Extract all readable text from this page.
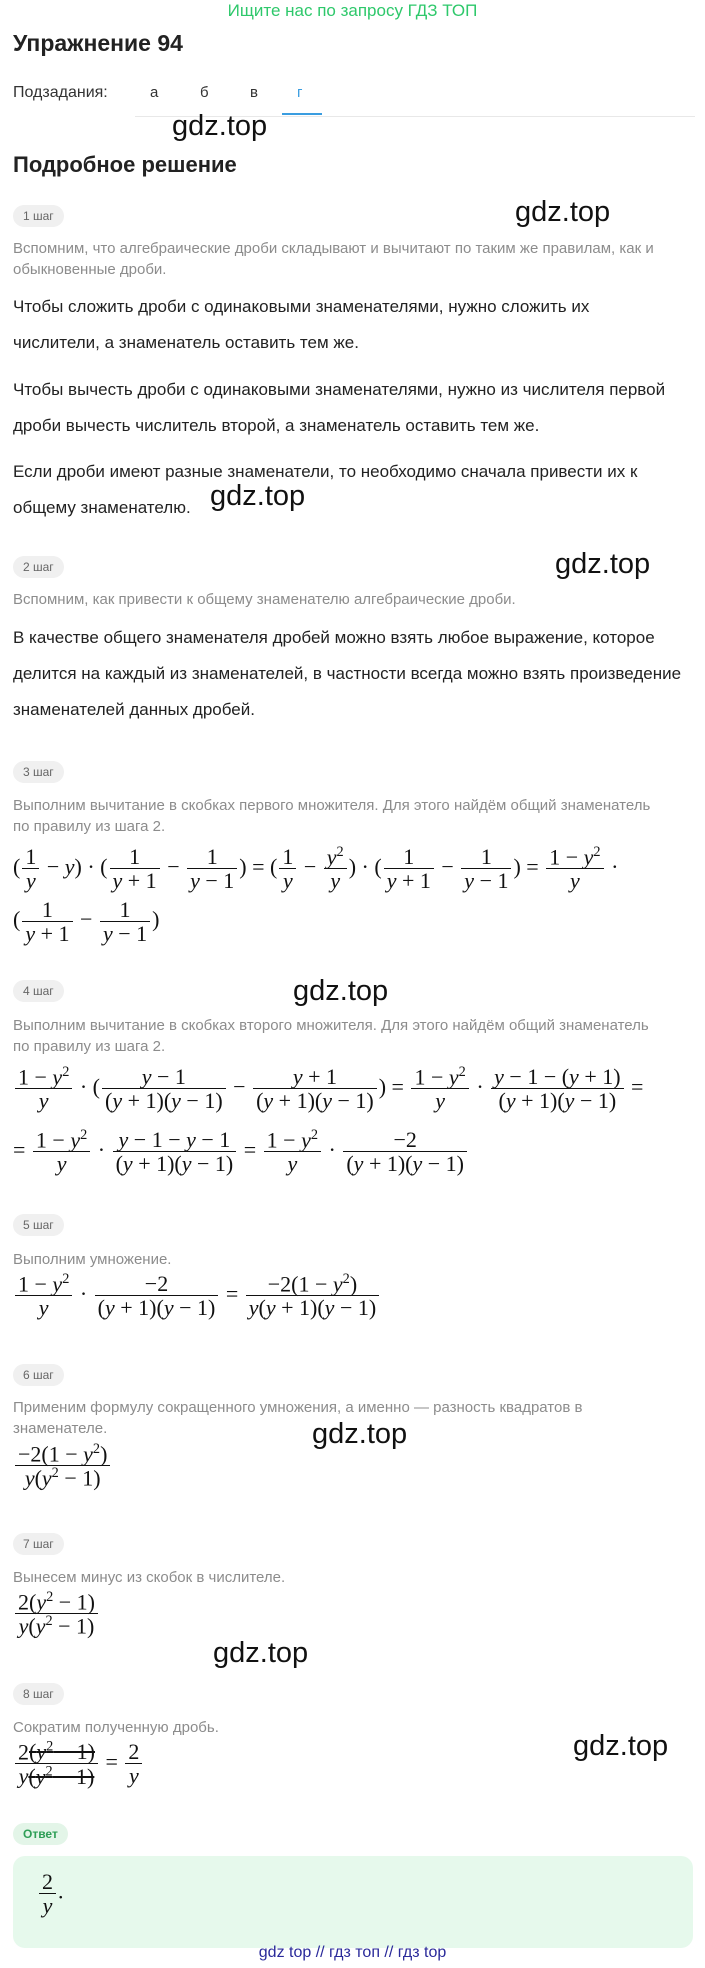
Ищите нас по запросу ГДЗ ТОП
Упражнение 94
Подзадания:	а	б	в	г
gdz.top
Подробное решение
1 шаг	gdz.top
Вспомним, что алгебраические дроби складывают и вычитают по таким же правилам, как и обыкновенные дроби.
Чтобы сложить дроби с одинаковыми знаменателями, нужно сложить их числители, а знаменатель оставить тем же.
Чтобы вычесть дроби с одинаковыми знаменателями, нужно из числителя первой дроби вычесть числитель второй, а знаменатель оставить тем же.
Если дроби имеют разные знаменатели, то необходимо сначала привести их к общему знаменателю. gdz.top
2 шаг	gdz.top
Вспомним, как привести к общему знаменателю алгебраические дроби.
В качестве общего знаменателя дробей можно взять любое выражение, которое делится на каждый из знаменателей, в частности всегда можно взять произведение знаменателей данных дробей.
3 шаг
Выполним вычитание в скобках первого множителя. Для этого найдём общий знаменатель по правилу из шага 2.
( $\frac{1}{y} - y$) · ( $\frac{1}{y + 1} - \frac{1}{y - 1}$ ) = ( $\frac{1}{y} - \frac{y^2}{y}$ ) · ( $\frac{1}{y + 1} - \frac{1}{y - 1}$ ) = $\frac{1 - y^2}{y}$ ·
( $\frac{1}{y + 1} - \frac{1}{y - 1}$ )
4 шаг	gdz.top
Выполним вычитание в скобках второго множителя. Для этого найдём общий знаменатель по правилу из шага 2.
$\frac{1 - y^2}{y}$ · ( $\frac{y - 1}{(y + 1)(y - 1)} - \frac{y + 1}{(y + 1)(y - 1)}$ ) = $\frac{1 - y^2}{y} \cdot \frac{y - 1 - (y + 1)}{(y + 1)(y - 1)}$ =
= $\frac{1 - y^2}{y} \cdot \frac{y - 1 - y - 1}{(y + 1)(y - 1)} = \frac{1 - y^2}{y} \cdot \frac{-2}{(y + 1)(y - 1)}$
5 шаг
Выполним умножение.
$\frac{1 - y^2}{y} \cdot \frac{-2}{(y + 1)(y - 1)} = \frac{-2(1 - y^2)}{y(y + 1)(y - 1)}$
6 шаг
Применим формулу сокращенного умножения, а именно — разность квадратов в знаменателе.	gdz.top
$\frac{-2(1 - y^2)}{y(y^2 - 1)}$
7 шаг
Вынесем минус из скобок в числителе.
$\frac{2(y^2 - 1)}{y(y^2 - 1)}$
gdz.top
8 шаг
Сократим полученную дробь.
gdz.top
$\frac{2(y^2 - 1)}{y(y^2 - 1)} = \frac{2}{y}$
Ответ
$\frac{2}{y}$ .
gdz top // гдз топ // гдз top
